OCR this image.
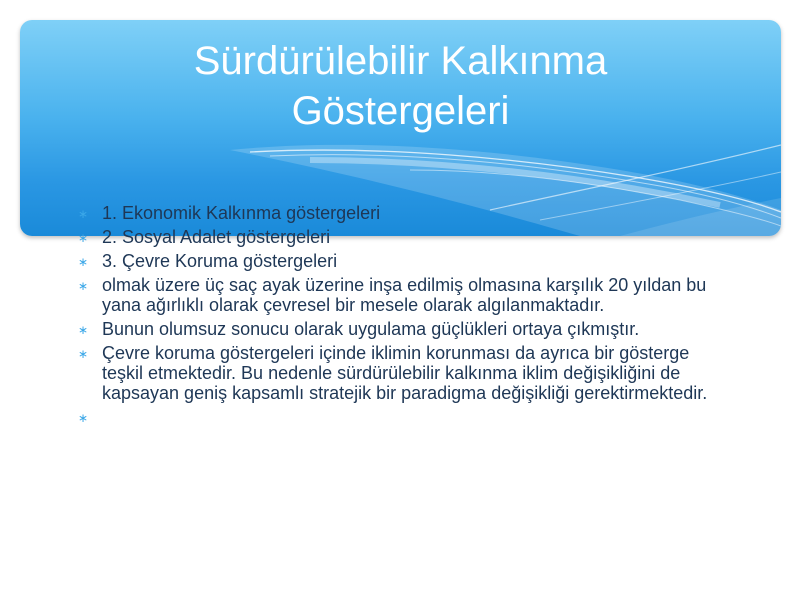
Sürdürülebilir Kalkınma
Göstergeleri
∗ 1. Ekonomik Kalkınma göstergeleri
∗ 2. Sosyal Adalet göstergeleri
∗ 3. Çevre Koruma göstergeleri
∗ olmak üzere üç saç ayak üzerine inşa edilmiş olmasına karşılık 20 yıldan bu yana ağırlıklı olarak çevresel bir mesele olarak algılanmaktadır.
∗ Bunun olumsuz sonucu olarak uygulama güçlükleri ortaya çıkmıştır.
∗ Çevre koruma göstergeleri içinde iklimin korunması da ayrıca bir gösterge teşkil etmektedir. Bu nedenle sürdürülebilir kalkınma iklim değişikliğini de kapsayan geniş kapsamlı stratejik bir paradigma değişikliği gerektirmektedir.
∗
